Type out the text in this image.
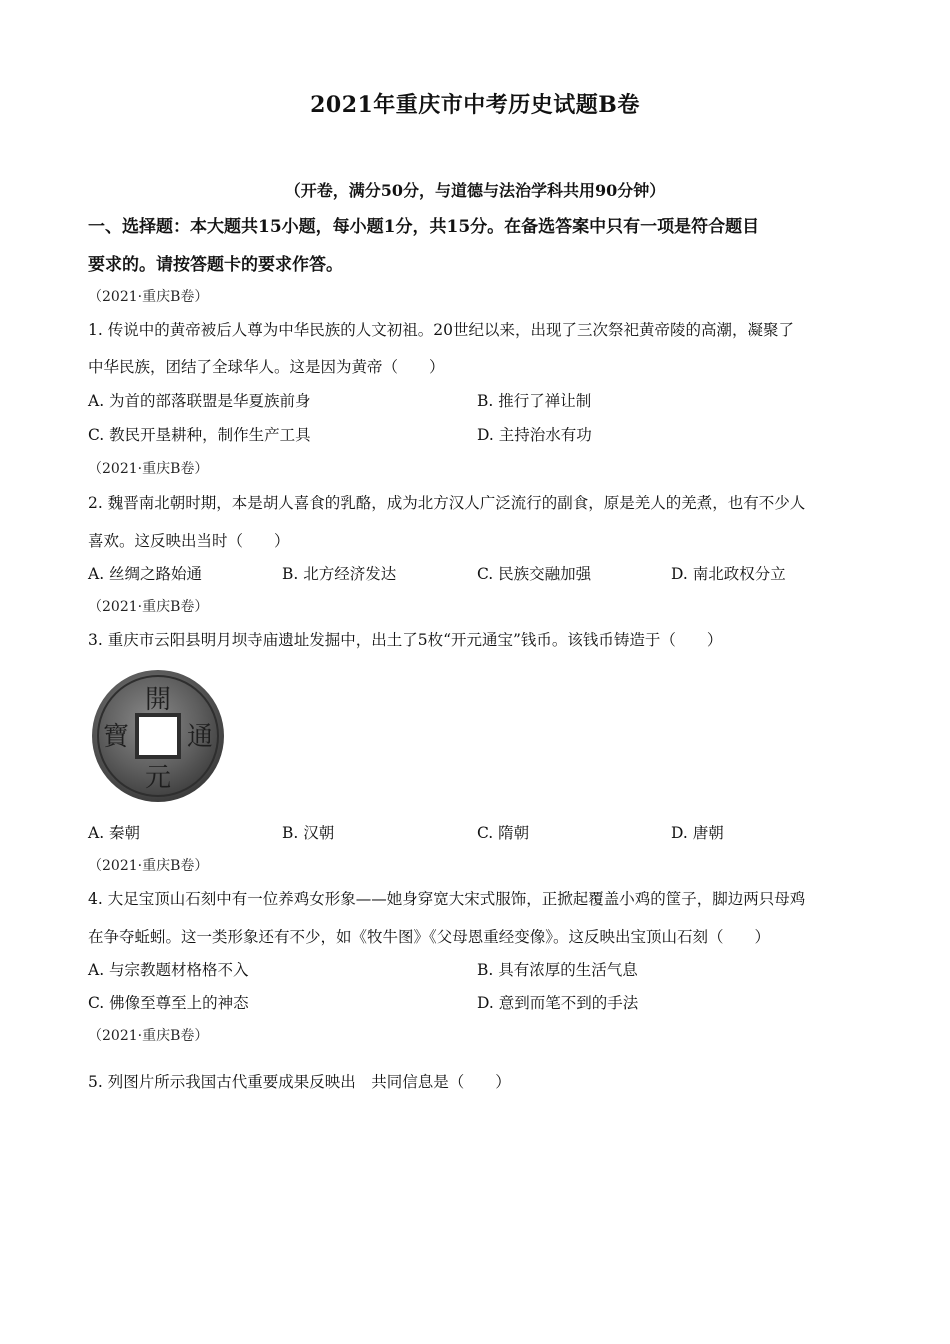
2021年重庆市中考历史试题B卷
（开卷，满分50分，与道德与法治学科共用90分钟）
一、选择题：本大题共15小题，每小题1分，共15分。在备选答案中只有一项是符合题目
要求的。请按答题卡的要求作答。
（2021·重庆B卷）
1. 传说中的黄帝被后人尊为中华民族的人文初祖。20世纪以来，出现了三次祭祀黄帝陵的高潮，凝聚了
中华民族，团结了全球华人。这是因为黄帝（　　）
A. 为首的部落联盟是华夏族前身	B. 推行了禅让制
C. 教民开垦耕种，制作生产工具	D. 主持治水有功
（2021·重庆B卷）
2. 魏晋南北朝时期，本是胡人喜食的乳酪，成为北方汉人广泛流行的副食，原是羌人的羌煮，也有不少人
喜欢。这反映出当时（　　）
A. 丝绸之路始通	B. 北方经济发达	C. 民族交融加强	D. 南北政权分立
（2021·重庆B卷）
3. 重庆市云阳县明月坝寺庙遗址发掘中，出土了5枚“开元通宝”钱币。该钱币铸造于（　　）
開
元
通
寶
A. 秦朝	B. 汉朝	C. 隋朝	D. 唐朝
（2021·重庆B卷）
4. 大足宝顶山石刻中有一位养鸡女形象——她身穿宽大宋式服饰，正掀起覆盖小鸡的筐子，脚边两只母鸡
在争夺蚯蚓。这一类形象还有不少，如《牧牛图》《父母恩重经变像》。这反映出宝顶山石刻（　　）
A. 与宗教题材格格不入	B. 具有浓厚的生活气息
C. 佛像至尊至上的神态	D. 意到而笔不到的手法
（2021·重庆B卷）
5. 列图片所示我国古代重要成果反映出　共同信息是（　　）
